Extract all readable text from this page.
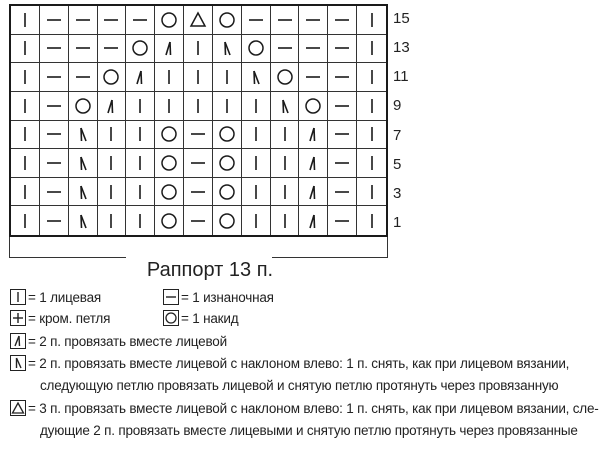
15
13
11
9
7
5
3
1
Раппорт 13 п.
= 1 лицевая	= 1 изнаночная
= кром. петля	= 1 накид
= 2 п. провязать вместе лицевой
= 2 п. провязать вместе лицевой с наклоном влево: 1 п. снять, как при лицевом вязании,
следующую петлю провязать лицевой и снятую петлю протянуть через провязанную
= 3 п. провязать вместе лицевой с наклоном влево: 1 п. снять, как при лицевом вязании, сле-
дующие 2 п. провязать вместе лицевыми и снятую петлю протянуть через провязанные
